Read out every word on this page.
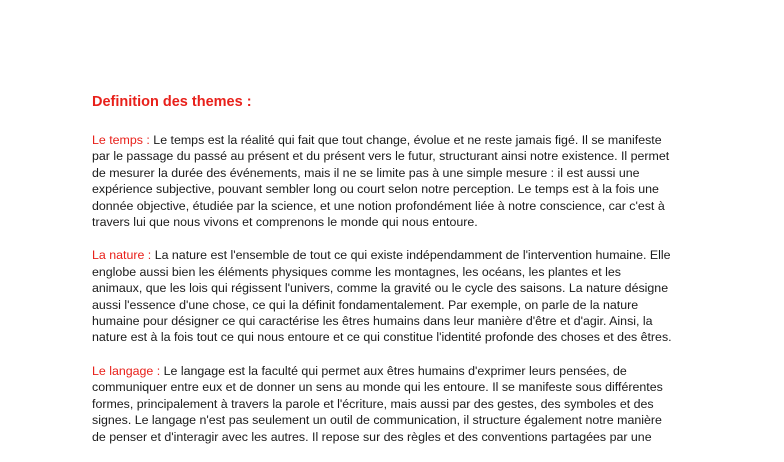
Definition des themes :
Le temps : Le temps est la réalité qui fait que tout change, évolue et ne reste jamais figé. Il se manifeste
par le passage du passé au présent et du présent vers le futur, structurant ainsi notre existence. Il permet
de mesurer la durée des événements, mais il ne se limite pas à une simple mesure : il est aussi une
expérience subjective, pouvant sembler long ou court selon notre perception. Le temps est à la fois une
donnée objective, étudiée par la science, et une notion profondément liée à notre conscience, car c'est à
travers lui que nous vivons et comprenons le monde qui nous entoure.
La nature : La nature est l'ensemble de tout ce qui existe indépendamment de l'intervention humaine. Elle
englobe aussi bien les éléments physiques comme les montagnes, les océans, les plantes et les
animaux, que les lois qui régissent l'univers, comme la gravité ou le cycle des saisons. La nature désigne
aussi l'essence d'une chose, ce qui la définit fondamentalement. Par exemple, on parle de la nature
humaine pour désigner ce qui caractérise les êtres humains dans leur manière d'être et d'agir. Ainsi, la
nature est à la fois tout ce qui nous entoure et ce qui constitue l'identité profonde des choses et des êtres.
Le langage : Le langage est la faculté qui permet aux êtres humains d'exprimer leurs pensées, de
communiquer entre eux et de donner un sens au monde qui les entoure. Il se manifeste sous différentes
formes, principalement à travers la parole et l'écriture, mais aussi par des gestes, des symboles et des
signes. Le langage n'est pas seulement un outil de communication, il structure également notre manière
de penser et d'interagir avec les autres. Il repose sur des règles et des conventions partagées par une
